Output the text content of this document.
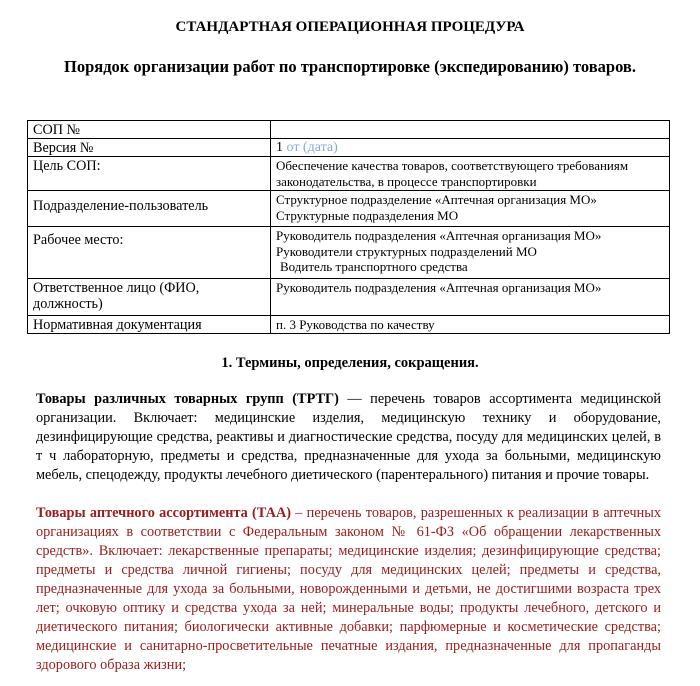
СТАНДАРТНАЯ ОПЕРАЦИОННАЯ ПРОЦЕДУРА
Порядок организации работ по транспортировке (экспедированию) товаров.
СОП №	
Версия №	1 от (дата)
Цель СОП:	Обеспечение качества товаров, соответствующего требованиям законодательства, в процессе транспортировки
Подразделение-пользователь	Структурное подразделение «Аптечная организация МО»
Структурные подразделения МО

Рабочее место:	Руководитель подразделения «Аптечная организация МО»
Руководители структурных подразделений МО
Водитель транспортного средства

Ответственное лицо (ФИО, должность)	Руководитель подразделения «Аптечная организация МО»
Нормативная документация	п. 3 Руководства по качеству
1. Термины, определения, сокращения.
Товары различных товарных групп (ТРТГ) — перечень товаров ассортимента медицинской организации. Включает: медицинские изделия, медицинскую технику и оборудование, дезинфицирующие средства, реактивы и диагностические средства, посуду для медицинских целей, в т ч лабораторную, предметы и средства, предназначенные для ухода за больными, медицинскую мебель, спецодежду, продукты лечебного диетического (парентерального) питания и прочие товары.
Товары аптечного ассортимента (ТАА) – перечень товаров, разрешенных к реализации в аптечных организациях в соответствии с Федеральным законом № 61-ФЗ «Об обращении лекарственных средств». Включает: лекарственные препараты; медицинские изделия; дезинфицирующие средства; предметы и средства личной гигиены; посуду для медицинских целей; предметы и средства, предназначенные для ухода за больными, новорожденными и детьми, не достигшими возраста трех лет; очковую оптику и средства ухода за ней; минеральные воды; продукты лечебного, детского и диетического питания; биологически активные добавки; парфюмерные и косметические средства; медицинские и санитарно-просветительные печатные издания, предназначенные для пропаганды здорового образа жизни;
